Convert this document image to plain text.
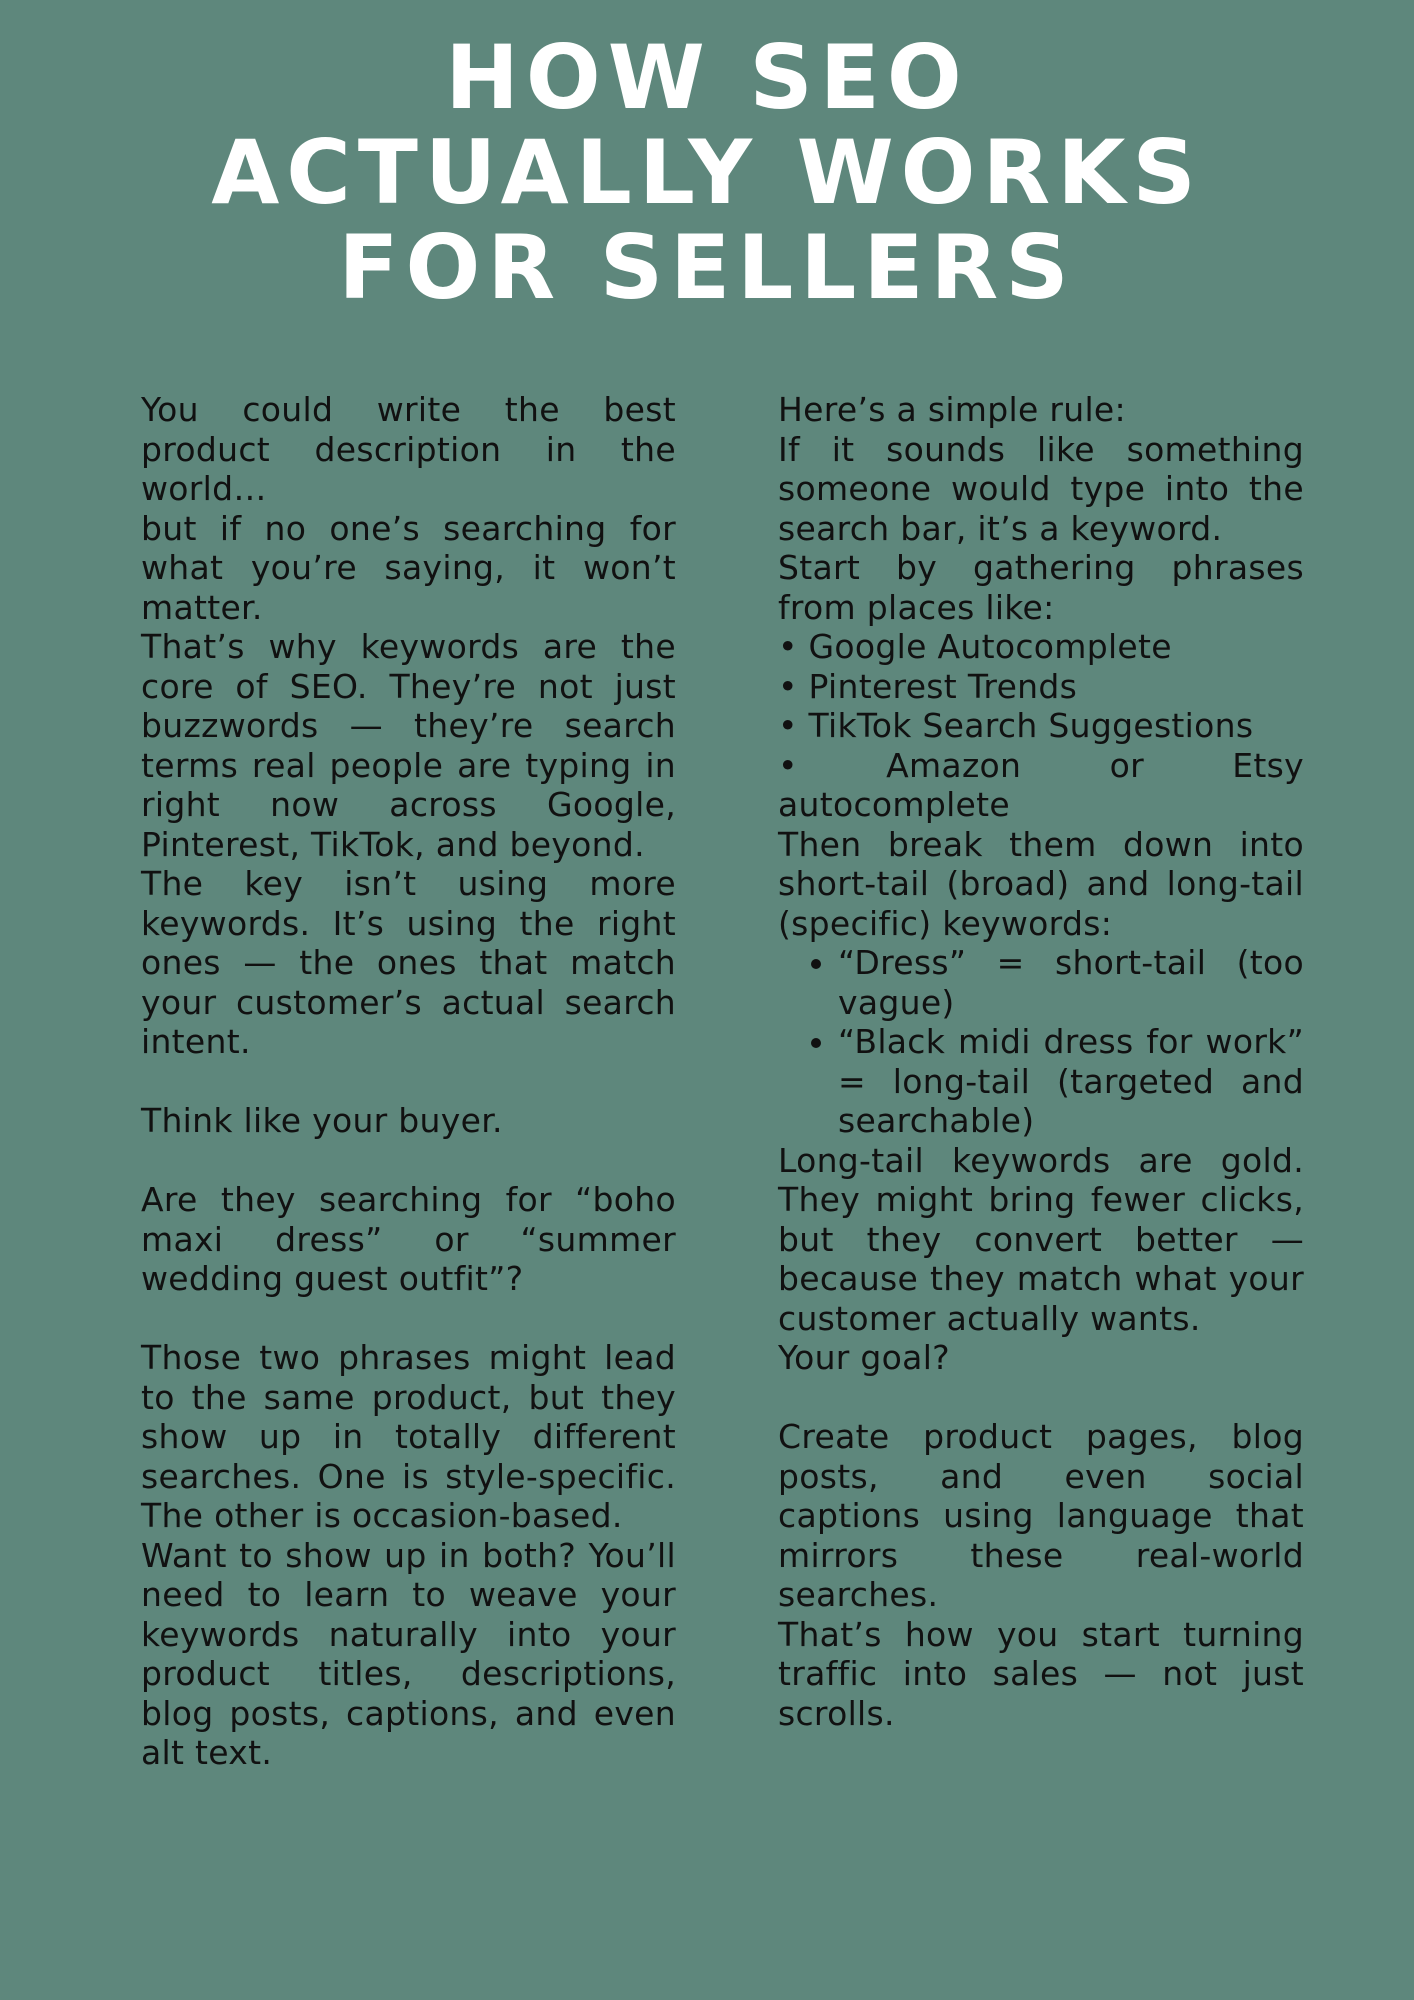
HOW SEO
ACTUALLY WORKS
FOR SELLERS

You could write the best product description in the world…

but if no one’s searching for what you’re saying, it won’t matter.

That’s why keywords are the core of SEO. They’re not just buzzwords — they’re search terms real people are typing in right now across Google, Pinterest, TikTok, and beyond.

The key isn’t using more keywords. It’s using the right ones — the ones that match your customer’s actual search intent.

Think like your buyer.

Are they searching for “boho maxi dress” or “summer wedding guest outfit”?

Those two phrases might lead to the same product, but they show up in totally different searches. One is style-specific. The other is occasion-based.

Want to show up in both? You’ll need to learn to weave your keywords naturally into your product titles, descriptions, blog posts, captions, and even alt text.

Here’s a simple rule:

If it sounds like something someone would type into the search bar, it’s a keyword.

Start by gathering phrases from places like:

• Google Autocomplete

• Pinterest Trends

• TikTok Search Suggestions

• Amazon or Etsy autocomplete

Then break them down into short-tail (broad) and long-tail (specific) keywords:

• “Dress” = short-tail (too vague)
• “Black midi dress for work” = long-tail (targeted and searchable)

Long-tail keywords are gold. They might bring fewer clicks, but they convert better — because they match what your customer actually wants.

Your goal?

Create product pages, blog posts, and even social captions using language that mirrors these real-world searches.

That’s how you start turning traffic into sales — not just scrolls.
